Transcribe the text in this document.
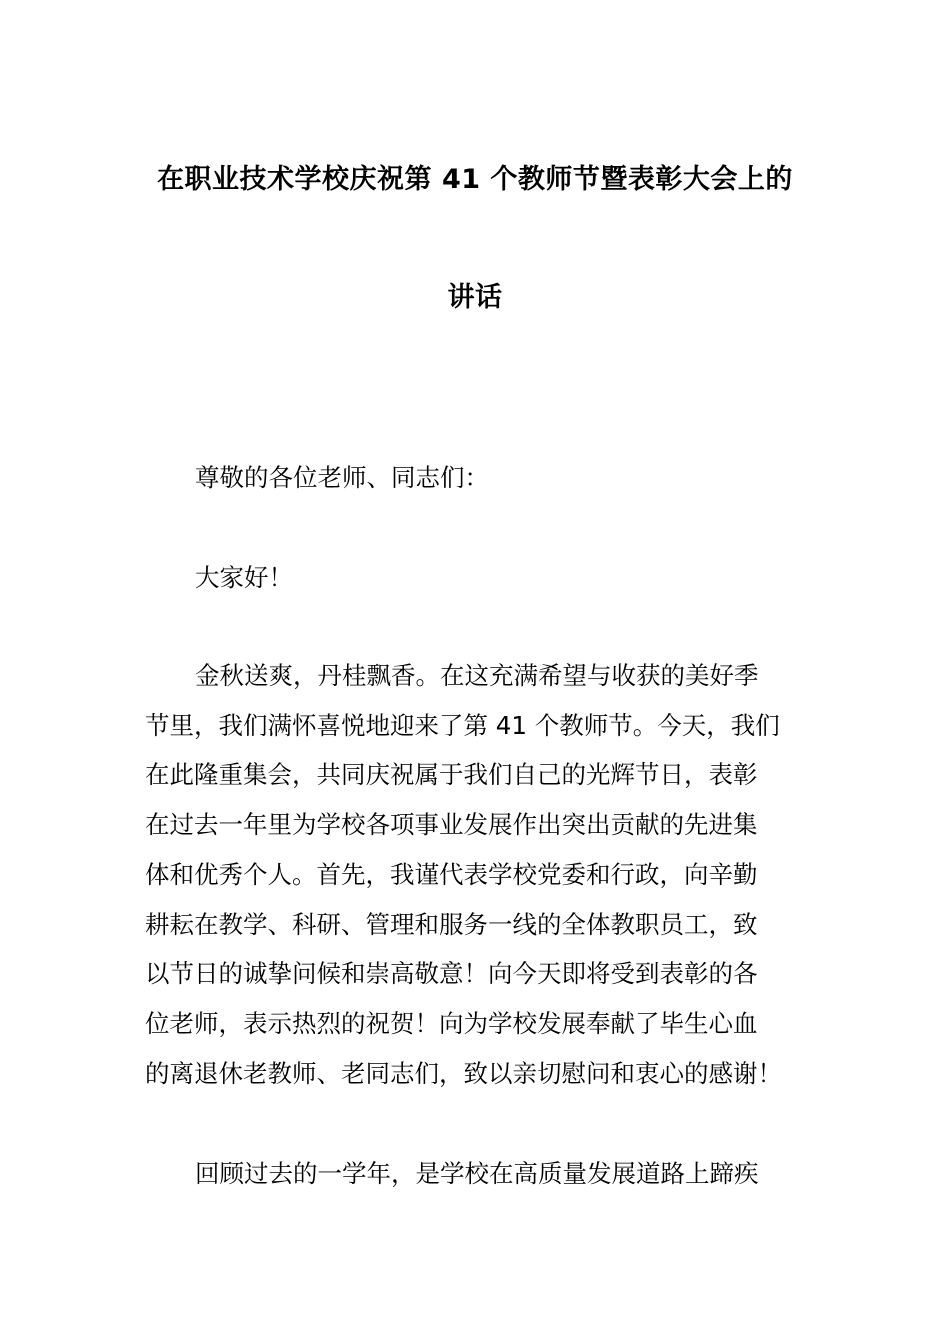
在职业技术学校庆祝第 41 个教师节暨表彰大会上的
讲话
尊敬的各位老师、同志们：
大家好！
金秋送爽，丹桂飘香。在这充满希望与收获的美好季
节里，我们满怀喜悦地迎来了第 41 个教师节。今天，我们
在此隆重集会，共同庆祝属于我们自己的光辉节日，表彰
在过去一年里为学校各项事业发展作出突出贡献的先进集
体和优秀个人。首先，我谨代表学校党委和行政，向辛勤
耕耘在教学、科研、管理和服务一线的全体教职员工，致
以节日的诚挚问候和崇高敬意！向今天即将受到表彰的各
位老师，表示热烈的祝贺！向为学校发展奉献了毕生心血
的离退休老教师、老同志们，致以亲切慰问和衷心的感谢！
回顾过去的一学年，是学校在高质量发展道路上蹄疾
